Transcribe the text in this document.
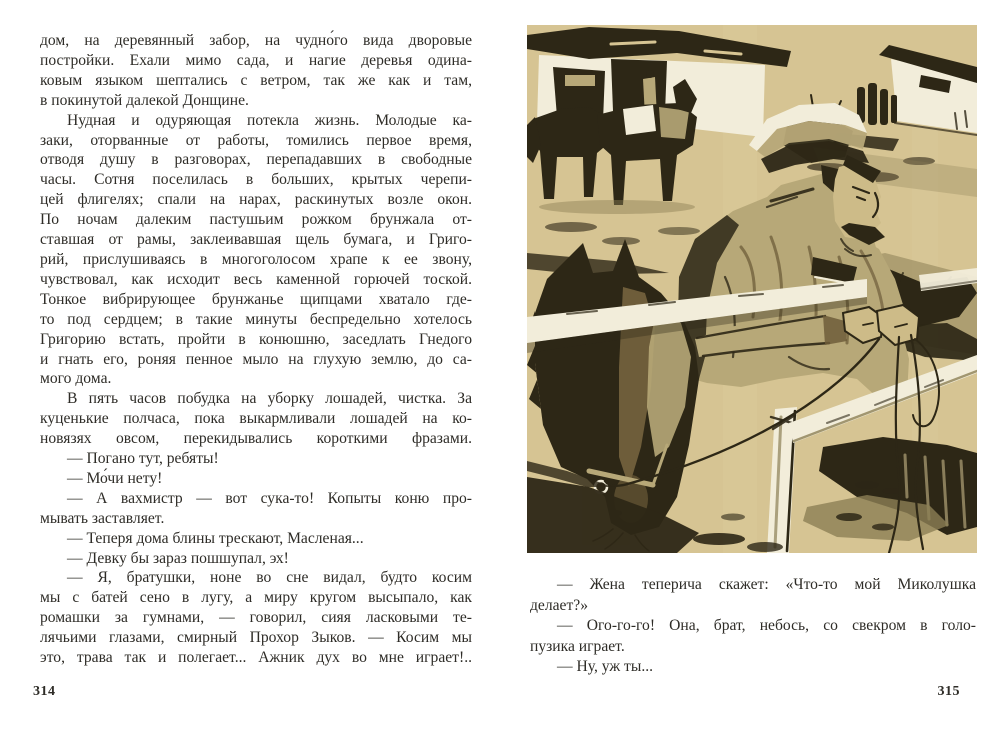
дом, на деревянный забор, на чудно́го вида дворовые
постройки. Ехали мимо сада, и нагие деревья одина-
ковым языком шептались с ветром, так же как и там,
в покинутой далекой Донщине.
Нудная и одуряющая потекла жизнь. Молодые ка-
заки, оторванные от работы, томились первое время,
отводя душу в разговорах, перепадавших в свободные
часы. Сотня поселилась в больших, крытых черепи-
цей флигелях; спали на нарах, раскинутых возле окон.
По ночам далеким пастушьим рожком брунжала от-
ставшая от рамы, заклеивавшая щель бумага, и Григо-
рий, прислушиваясь в многоголосом храпе к ее звону,
чувствовал, как исходит весь каменной горючей тоской.
Тонкое вибрирующее брунжанье щипцами хватало где-
то под сердцем; в такие минуты беспредельно хотелось
Григорию встать, пройти в конюшню, заседлать Гнедого
и гнать его, роняя пенное мыло на глухую землю, до са-
мого дома.
В пять часов побудка на уборку лошадей, чистка. За
куценькие полчаса, пока выкармливали лошадей на ко-
новязях овсом, перекидывались короткими фразами.
— Погано тут, ребяты!
— Мо́чи нету!
— А вахмистр — вот сука-то! Копыты коню про-
мывать заставляет.
— Теперя дома блины трескают, Масленая...
— Девку бы зараз пошшупал, эх!
— Я, братушки, ноне во сне видал, будто косим
мы с батей сено в лугу, а миру кругом высыпало, как
ромашки за гумнами, — говорил, сияя ласковыми те-
лячьими глазами, смирный Прохор Зыков. — Косим мы
это, трава так и полегает... Ажник дух во мне играет!..
314
— Жена теперича скажет: «Что-то мой Миколушка
делает?»
— Ого-го-го! Она, брат, небось, со свекром в голо-
пузика играет.
— Ну, уж ты...
315
